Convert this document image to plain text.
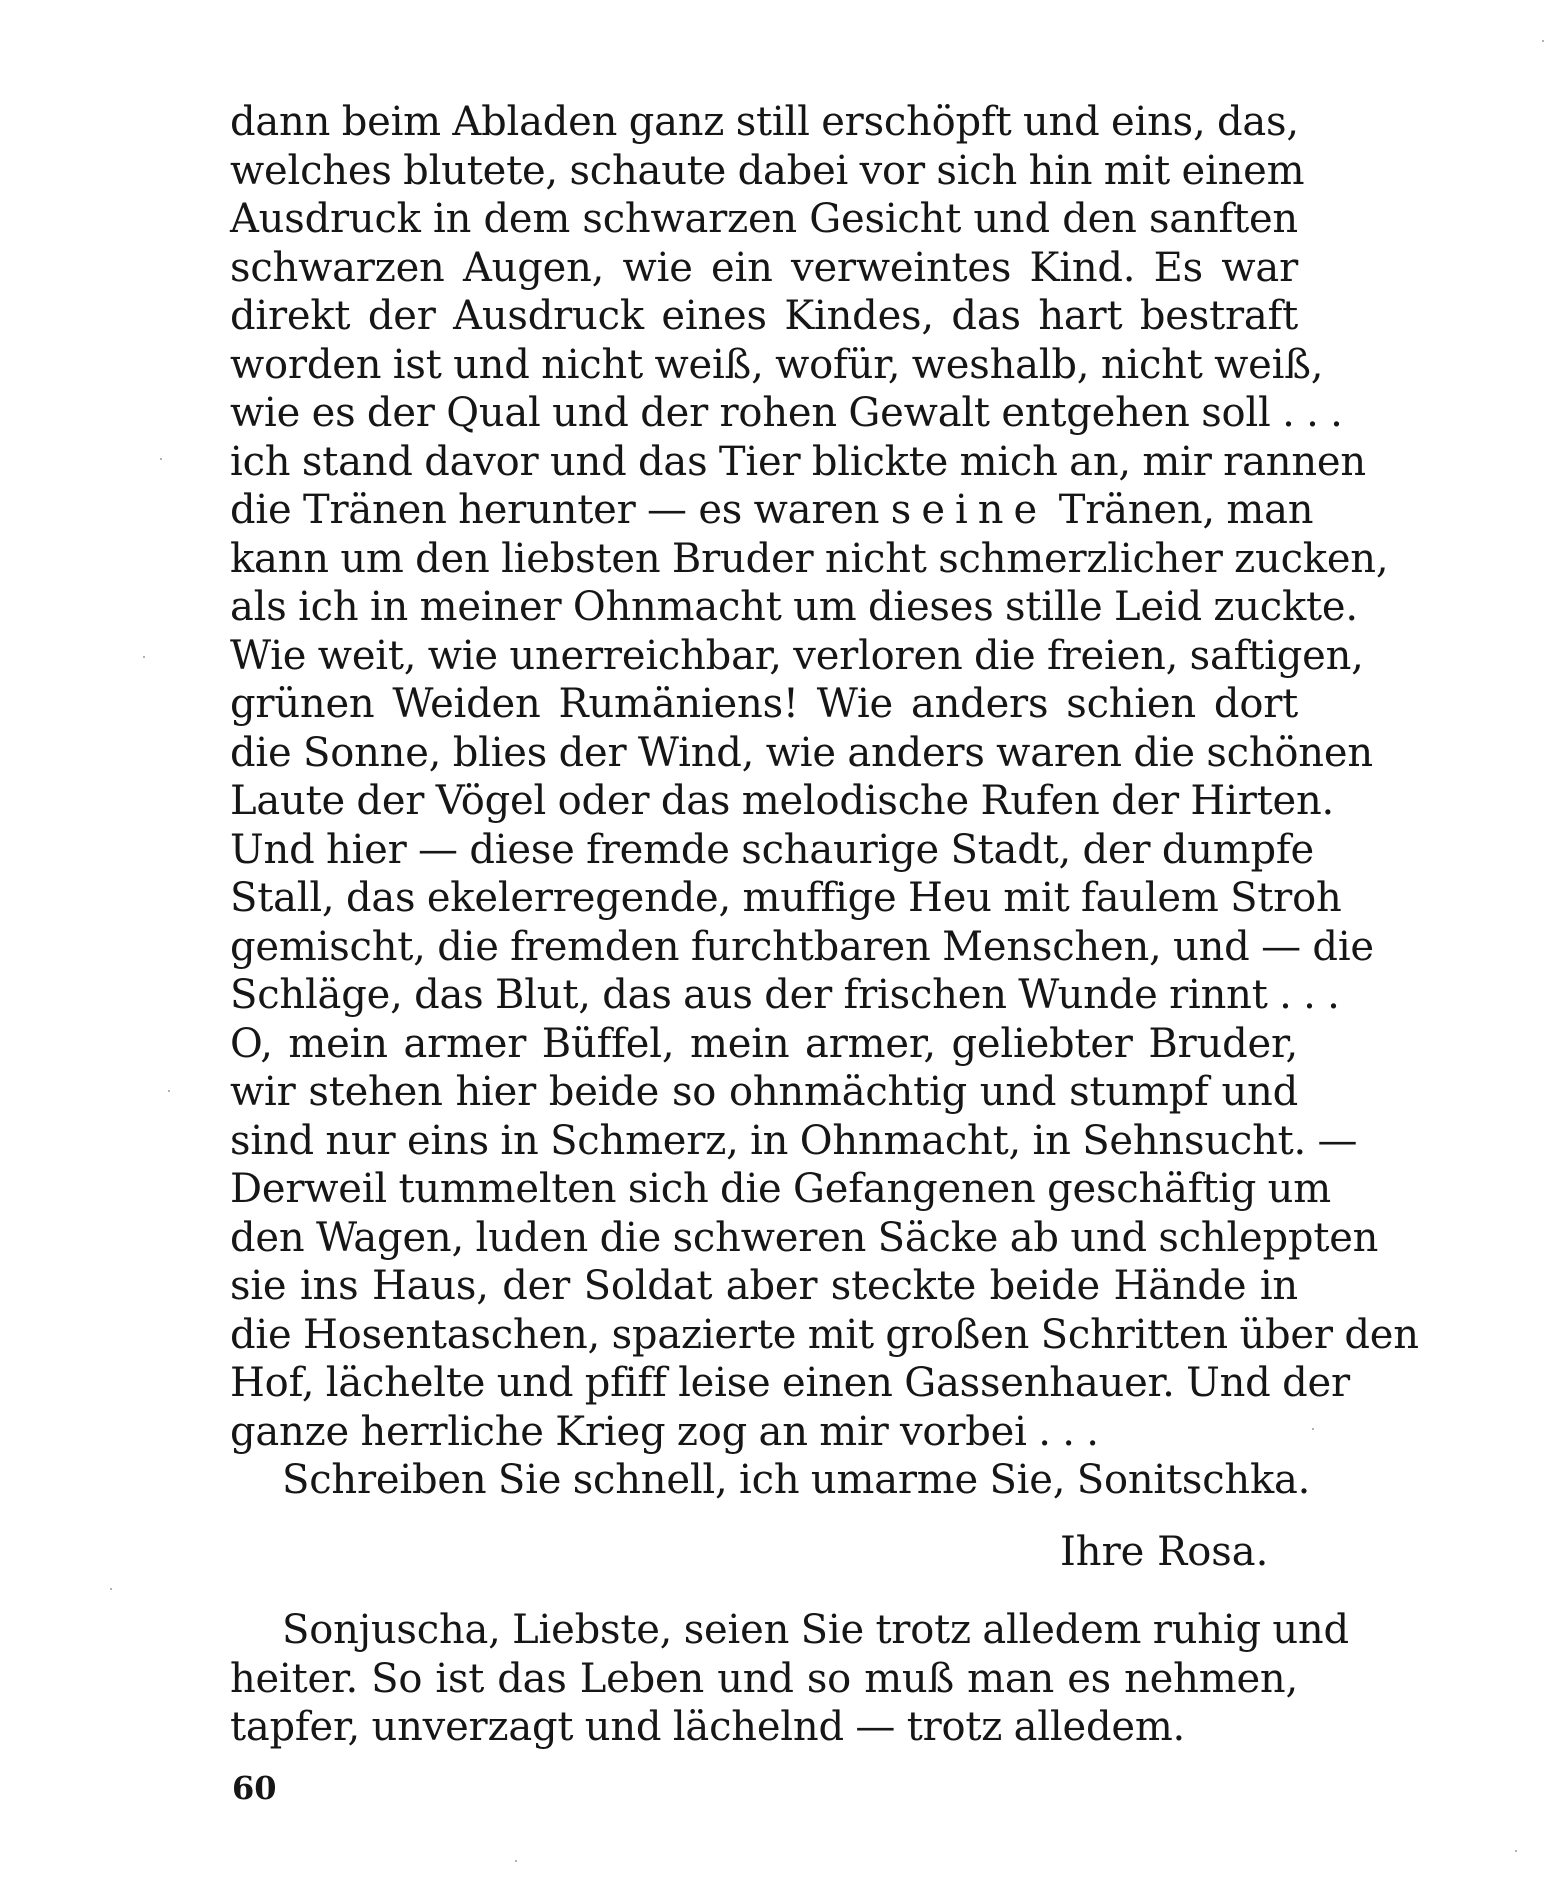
dann beim Abladen ganz still erschöpft und eins, das,
welches blutete, schaute dabei vor sich hin mit einem
Ausdruck in dem schwarzen Gesicht und den sanften
schwarzen Augen, wie ein verweintes Kind. Es war
direkt der Ausdruck eines Kindes, das hart bestraft
worden ist und nicht weiß, wofür, weshalb, nicht weiß,
wie es der Qual und der rohen Gewalt entgehen soll . . .
ich stand davor und das Tier blickte mich an, mir rannen
die Tränen herunter — es waren seine Tränen, man
kann um den liebsten Bruder nicht schmerzlicher zucken,
als ich in meiner Ohnmacht um dieses stille Leid zuckte.
Wie weit, wie unerreichbar, verloren die freien, saftigen,
grünen Weiden Rumäniens! Wie anders schien dort
die Sonne, blies der Wind, wie anders waren die schönen
Laute der Vögel oder das melodische Rufen der Hirten.
Und hier — diese fremde schaurige Stadt, der dumpfe
Stall, das ekelerregende, muffige Heu mit faulem Stroh
gemischt, die fremden furchtbaren Menschen, und — die
Schläge, das Blut, das aus der frischen Wunde rinnt . . .
O, mein armer Büffel, mein armer, geliebter Bruder,
wir stehen hier beide so ohnmächtig und stumpf und
sind nur eins in Schmerz, in Ohnmacht, in Sehnsucht. —
Derweil tummelten sich die Gefangenen geschäftig um
den Wagen, luden die schweren Säcke ab und schleppten
sie ins Haus, der Soldat aber steckte beide Hände in
die Hosentaschen, spazierte mit großen Schritten über den
Hof, lächelte und pfiff leise einen Gassenhauer. Und der
ganze herrliche Krieg zog an mir vorbei . . .
Schreiben Sie schnell, ich umarme Sie, Sonitschka.
Ihre Rosa.
Sonjuscha, Liebste, seien Sie trotz alledem ruhig und
heiter. So ist das Leben und so muß man es nehmen,
tapfer, unverzagt und lächelnd — trotz alledem.
60
